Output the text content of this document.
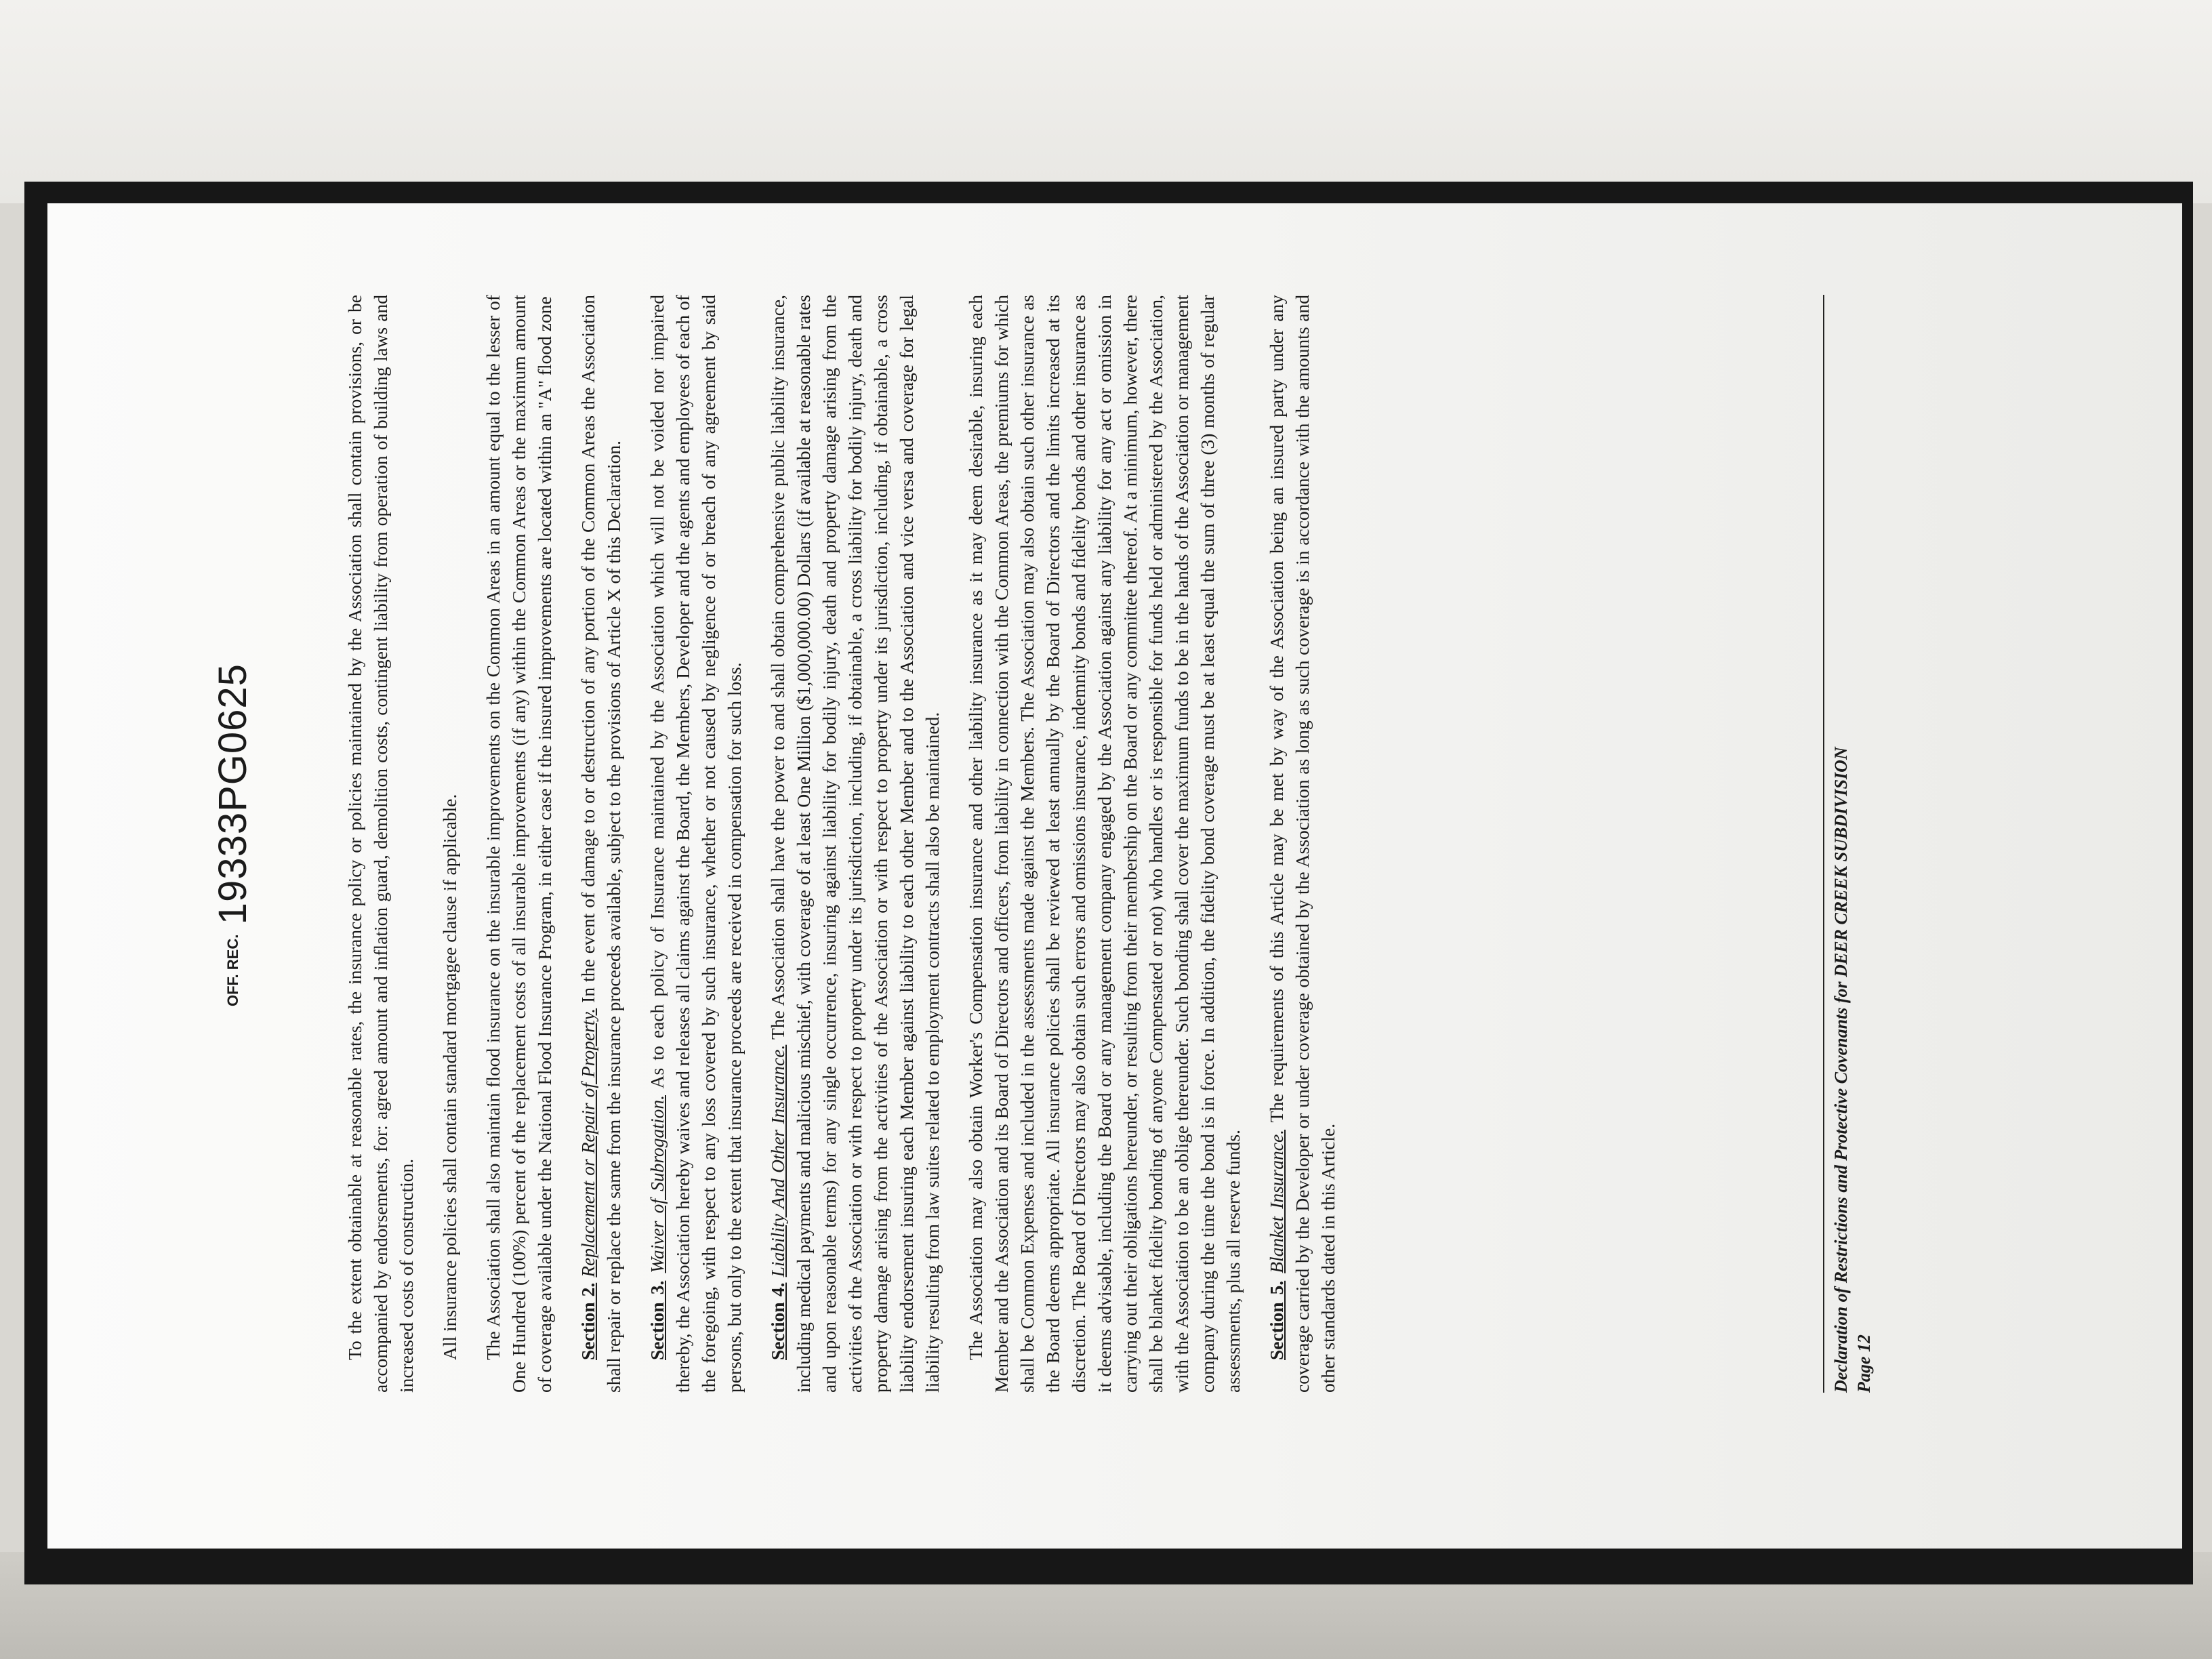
OFF. REC. 19333PG0625	To the extent obtainable at reasonable rates, the insurance policy or policies maintained by the Association shall contain provisions, or be accompanied by endorsements, for: agreed amount and inflation guard, demolition costs, contingent liability from operation of building laws and increased costs of construction. All insurance policies shall contain standard mortgagee clause if applicable. The Association shall also maintain flood insurance on the insurable improvements on the Common Areas in an amount equal to the lesser of One Hundred (100%) percent of the replacement costs of all insurable improvements (if any) within the Common Areas or the maximum amount of coverage available under the National Flood Insurance Program, in either case if the insured improvements are located within an "A" flood zone Section 2. Replacement or Repair of Property. In the event of damage to or destruction of any portion of the Common Areas the Association shall repair or replace the same from the insurance proceeds available, subject to the provisions of Article X of this Declaration. Section 3. Waiver of Subrogation. As to each policy of Insurance maintained by the Association which will not be voided nor impaired thereby, the Association hereby waives and releases all claims against the Board, the Members, Developer and the agents and employees of each of the foregoing, with respect to any loss covered by such insurance, whether or not caused by negligence of or breach of any agreement by said persons, but only to the extent that insurance proceeds are received in compensation for such loss. Section 4. Liability And Other Insurance. The Association shall have the power to and shall obtain comprehensive public liability insurance, including medical payments and malicious mischief, with coverage of at least One Million ($1,000,000.00) Dollars (if available at reasonable rates and upon reasonable terms) for any single occurrence, insuring against liability for bodily injury, death and property damage arising from the activities of the Association or with respect to property under its jurisdiction, including, if obtainable, a cross liability for bodily injury, death and property damage arising from the activities of the Association or with respect to property under its jurisdiction, including, if obtainable, a cross liability endorsement insuring each Member against liability to each other Member and to the Association and vice versa and coverage for legal liability resulting from law suites related to employment contracts shall also be maintained. The Association may also obtain Worker's Compensation insurance and other liability insurance as it may deem desirable, insuring each Member and the Association and its Board of Directors and officers, from liability in connection with the Common Areas, the premiums for which shall be Common Expenses and included in the assessments made against the Members. The Association may also obtain such other insurance as the Board deems appropriate. All insurance policies shall be reviewed at least annually by the Board of Directors and the limits increased at its discretion. The Board of Directors may also obtain such errors and omissions insurance, indemnity bonds and fidelity bonds and other insurance as it deems advisable, including the Board or any management company engaged by the Association against any liability for any act or omission in carrying out their obligations hereunder, or resulting from their membership on the Board or any committee thereof. At a minimum, however, there shall be blanket fidelity bonding of anyone Compensated or not) who handles or is responsible for funds held or administered by the Association, with the Association to be an oblige thereunder. Such bonding shall cover the maximum funds to be in the hands of the Association or management company during the time the bond is in force. In addition, the fidelity bond coverage must be at least equal the sum of three (3) months of regular assessments, plus all reserve funds. Section 5. Blanket Insurance. The requirements of this Article may be met by way of the Association being an insured party under any coverage carried by the Developer or under coverage obtained by the Association as long as such coverage is in accordance with the amounts and other standards dated in this Article.	Declaration of Restrictions and Protective Covenants for DEER CREEK SUBDIVISION Page 12
